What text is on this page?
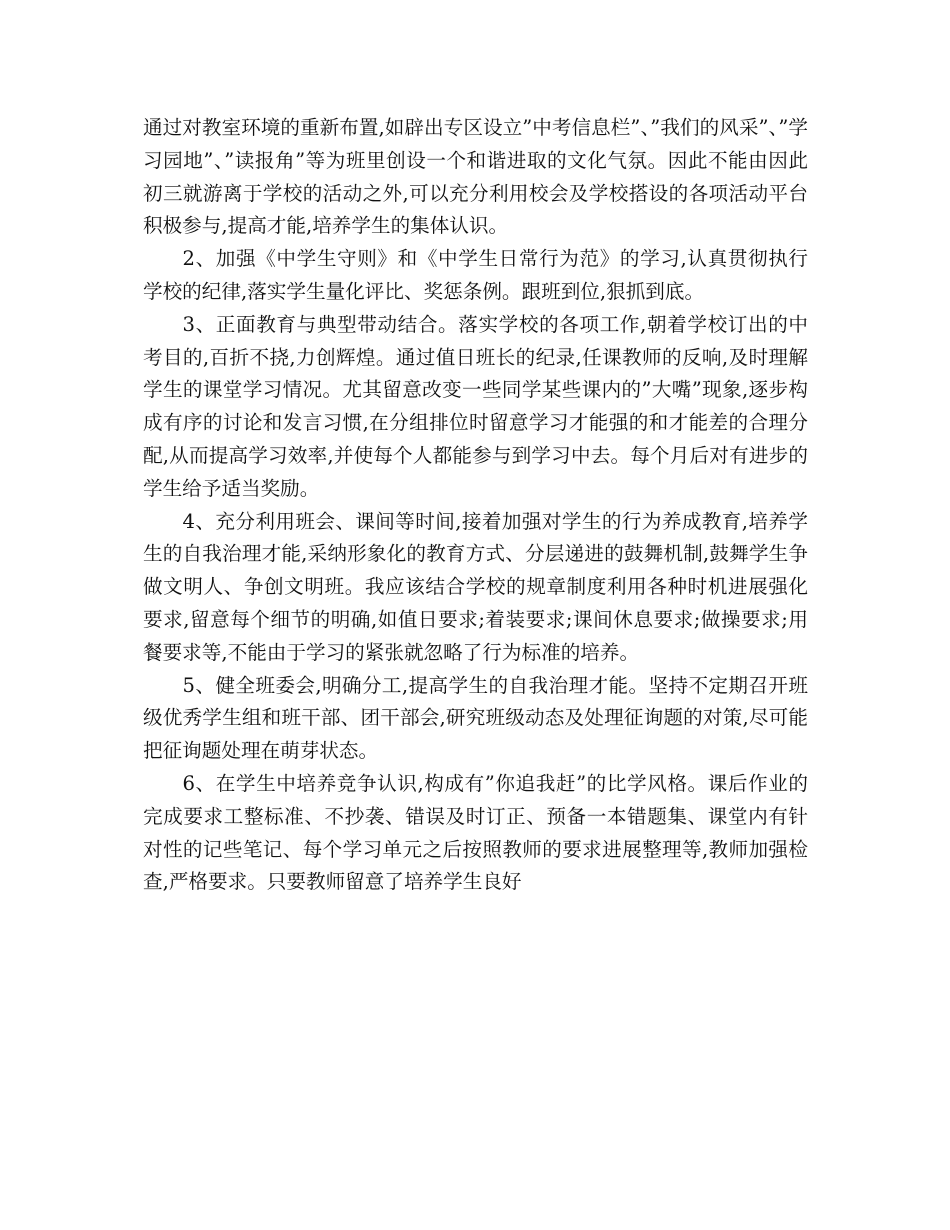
通过对教室环境的重新布置,如辟出专区设立”中考信息栏”、”我们的风采”、”学习园地”、”读报角”等为班里创设一个和谐进取的文化气氛。因此不能由因此初三就游离于学校的活动之外,可以充分利用校会及学校搭设的各项活动平台积极参与,提高才能,培养学生的集体认识。

2、加强《中学生守则》和《中学生日常行为范》的学习,认真贯彻执行学校的纪律,落实学生量化评比、奖惩条例。跟班到位,狠抓到底。

3、正面教育与典型带动结合。落实学校的各项工作,朝着学校订出的中考目的,百折不挠,力创辉煌。通过值日班长的纪录,任课教师的反响,及时理解学生的课堂学习情况。尤其留意改变一些同学某些课内的”大嘴”现象,逐步构成有序的讨论和发言习惯,在分组排位时留意学习才能强的和才能差的合理分配,从而提高学习效率,并使每个人都能参与到学习中去。每个月后对有进步的学生给予适当奖励。

4、充分利用班会、课间等时间,接着加强对学生的行为养成教育,培养学生的自我治理才能,采纳形象化的教育方式、分层递进的鼓舞机制,鼓舞学生争做文明人、争创文明班。我应该结合学校的规章制度利用各种时机进展强化要求,留意每个细节的明确,如值日要求;着装要求;课间休息要求;做操要求;用餐要求等,不能由于学习的紧张就忽略了行为标准的培养。

5、健全班委会,明确分工,提高学生的自我治理才能。坚持不定期召开班级优秀学生组和班干部、团干部会,研究班级动态及处理征询题的对策,尽可能把征询题处理在萌芽状态。

6、在学生中培养竞争认识,构成有”你追我赶”的比学风格。课后作业的完成要求工整标准、不抄袭、错误及时订正、预备一本错题集、课堂内有针对性的记些笔记、每个学习单元之后按照教师的要求进展整理等,教师加强检查,严格要求。只要教师留意了培养学生良好
